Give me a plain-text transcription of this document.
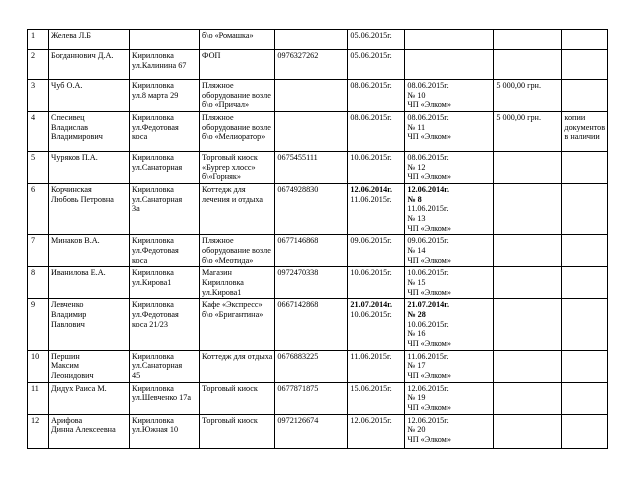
1	Желева Л.Б		б\о «Ромашка»		05.06.2015г.			

2	Богданнович Д.А.	Кирилловка
ул.Калинина 67	ФОП	0976327262	05.06.2015г.			

3	Чуб О.А.	Кирилловка
ул.8 марта 29	Пляжное
оборудование возле
б\о «Причал»		08.06.2015г.	08.06.2015г.
№ 10
ЧП «Элком»	5 000,00 грн.	
4	Спесивец
Владислав
Владимирович	Кирилловка
ул.Федотовая
коса	Пляжное
оборудование возле
б\о «Мелиоратор»		08.06.2015г.	08.06.2015г.
№ 11
ЧП «Элком»	5 000,00 грн.	копии
документов
в наличии

5	Чуряков П.А.	Кирилловка
ул.Санаторная	Торговый киоск
«Бургер хлосс»
б\«Горняк»	0675455111	10.06.2015г.	08.06.2015г.
№ 12
ЧП «Элком»		

6	Корчинская
Любовь Петровна	Кирилловка
ул.Санаторная
3а	Коттедж для
лечения и отдыха	0674928830	12.06.2014г.
11.06.2015г.	12.06.2014г.
№ 8
11.06.2015г.
№ 13
ЧП «Элком»		

7	Минаков В.А.	Кирилловка
ул.Федотовая
коса	Пляжное
оборудование возле
б\о «Меотида»	0677146868	09.06.2015г.	09.06.2015г.
№ 14
ЧП «Элком»		

8	Иванилова Е.А.	Кирилловка
ул.Кирова1	Магазин
Кирилловка
ул.Кирова1	0972470338	10.06.2015г.	10.06.2015г.
№ 15
ЧП «Элком»		

9	Левченко
Владимир
Павлович	Кирилловка
ул.Федотовая
коса 21/23	Кафе «Экспресс»
б\о «Бригантина»	0667142868	21.07.2014г.
10.06.2015г.	21.07.2014г.
№ 28
10.06.2015г.
№ 16
ЧП «Элком»		

10	Першин
Максим
Леонидович	Кирилловка
ул.Санаторная
45	Коттедж для отдыха	0676883225	11.06.2015г.	11.06.2015г.
№ 17
ЧП «Элком»		

11	Дидух Раиса М.	Кирилловка
ул.Шевченко 17а	Торговый киоск	0677871875	15.06.2015г.	12.06.2015г.
№ 19
ЧП «Элком»		

12	Арифова
Динна Алексеевна	Кирилловка
ул.Южная 10	Торговый киоск	0972126674	12.06.2015г.	12.06.2015г.
№ 20
ЧП «Элком»		
